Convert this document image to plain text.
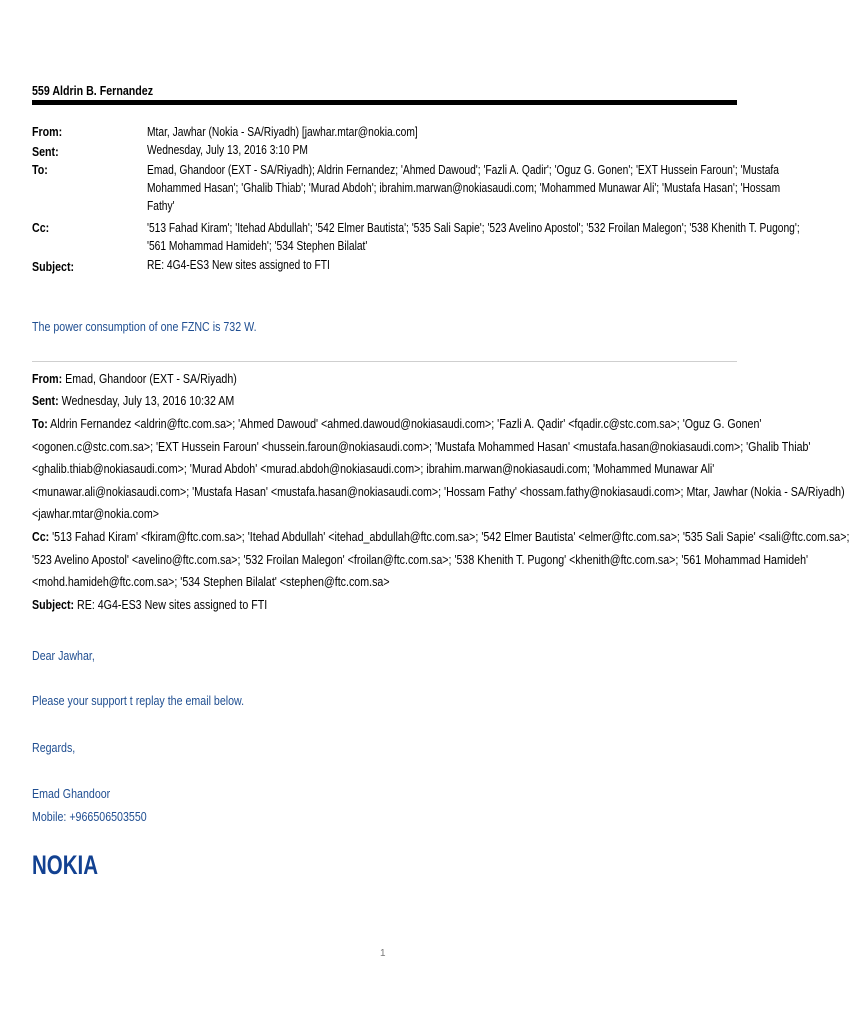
559 Aldrin B. Fernandez
From:	Mtar, Jawhar (Nokia - SA/Riyadh) [jawhar.mtar@nokia.com]
Sent:	Wednesday, July 13, 2016 3:10 PM
To:	Emad, Ghandoor (EXT - SA/Riyadh); Aldrin Fernandez; 'Ahmed Dawoud'; 'Fazli A. Qadir'; 'Oguz G. Gonen'; 'EXT Hussein Faroun'; 'Mustafa
Mohammed Hasan'; 'Ghalib Thiab'; 'Murad Abdoh'; ibrahim.marwan@nokiasaudi.com; 'Mohammed Munawar Ali'; 'Mustafa Hasan'; 'Hossam
Fathy'
Cc:	'513 Fahad Kiram'; 'Itehad Abdullah'; '542 Elmer Bautista'; '535 Sali Sapie'; '523 Avelino Apostol'; '532 Froilan Malegon'; '538 Khenith T. Pugong';
'561 Mohammad Hamideh'; '534 Stephen Bilalat'
Subject:	RE: 4G4-ES3 New sites assigned to FTI
The power consumption of one FZNC is 732 W.
From: Emad, Ghandoor (EXT - SA/Riyadh)
Sent: Wednesday, July 13, 2016 10:32 AM
To: Aldrin Fernandez <aldrin@ftc.com.sa>; 'Ahmed Dawoud' <ahmed.dawoud@nokiasaudi.com>; 'Fazli A. Qadir' <fqadir.c@stc.com.sa>; 'Oguz G. Gonen'
<ogonen.c@stc.com.sa>; 'EXT Hussein Faroun' <hussein.faroun@nokiasaudi.com>; 'Mustafa Mohammed Hasan' <mustafa.hasan@nokiasaudi.com>; 'Ghalib Thiab'
<ghalib.thiab@nokiasaudi.com>; 'Murad Abdoh' <murad.abdoh@nokiasaudi.com>; ibrahim.marwan@nokiasaudi.com; 'Mohammed Munawar Ali'
<munawar.ali@nokiasaudi.com>; 'Mustafa Hasan' <mustafa.hasan@nokiasaudi.com>; 'Hossam Fathy' <hossam.fathy@nokiasaudi.com>; Mtar, Jawhar (Nokia - SA/Riyadh)
<jawhar.mtar@nokia.com>
Cc: '513 Fahad Kiram' <fkiram@ftc.com.sa>; 'Itehad Abdullah' <itehad_abdullah@ftc.com.sa>; '542 Elmer Bautista' <elmer@ftc.com.sa>; '535 Sali Sapie' <sali@ftc.com.sa>;
'523 Avelino Apostol' <avelino@ftc.com.sa>; '532 Froilan Malegon' <froilan@ftc.com.sa>; '538 Khenith T. Pugong' <khenith@ftc.com.sa>; '561 Mohammad Hamideh'
<mohd.hamideh@ftc.com.sa>; '534 Stephen Bilalat' <stephen@ftc.com.sa>
Subject: RE: 4G4-ES3 New sites assigned to FTI
Dear Jawhar,
Please your support t replay the email below.
Regards,
Emad Ghandoor
Mobile: +966506503550
NOKIA
1
